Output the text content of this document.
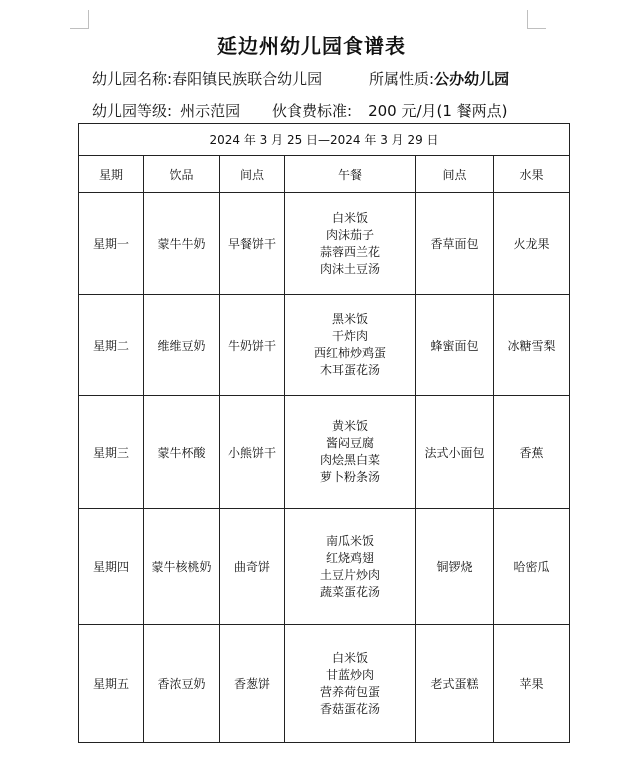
延边州幼儿园食谱表
幼儿园名称:春阳镇民族联合幼儿园	所属性质:公办幼儿园
幼儿园等级: 州示范园 伙食费标准: 200 元/月(1 餐两点)
2024 年 3 月 25 日—2024 年 3 月 29 日					
星期	饮品	间点	午餐	间点	水果
星期一	蒙牛牛奶	早餐饼干	白米饭
肉沫茄子
蒜蓉西兰花
肉沫土豆汤	香草面包	火龙果
星期二	维维豆奶	牛奶饼干	黑米饭
干炸肉
西红柿炒鸡蛋
木耳蛋花汤	蜂蜜面包	冰糖雪梨
星期三	蒙牛杯酸	小熊饼干	黄米饭
酱闷豆腐
肉烩黑白菜
萝卜粉条汤	法式小面包	香蕉
星期四	蒙牛核桃奶	曲奇饼	南瓜米饭
红烧鸡翅
土豆片炒肉
蔬菜蛋花汤	铜锣烧	哈密瓜
星期五	香浓豆奶	香葱饼	白米饭
甘蓝炒肉
营养荷包蛋
香菇蛋花汤	老式蛋糕	苹果
